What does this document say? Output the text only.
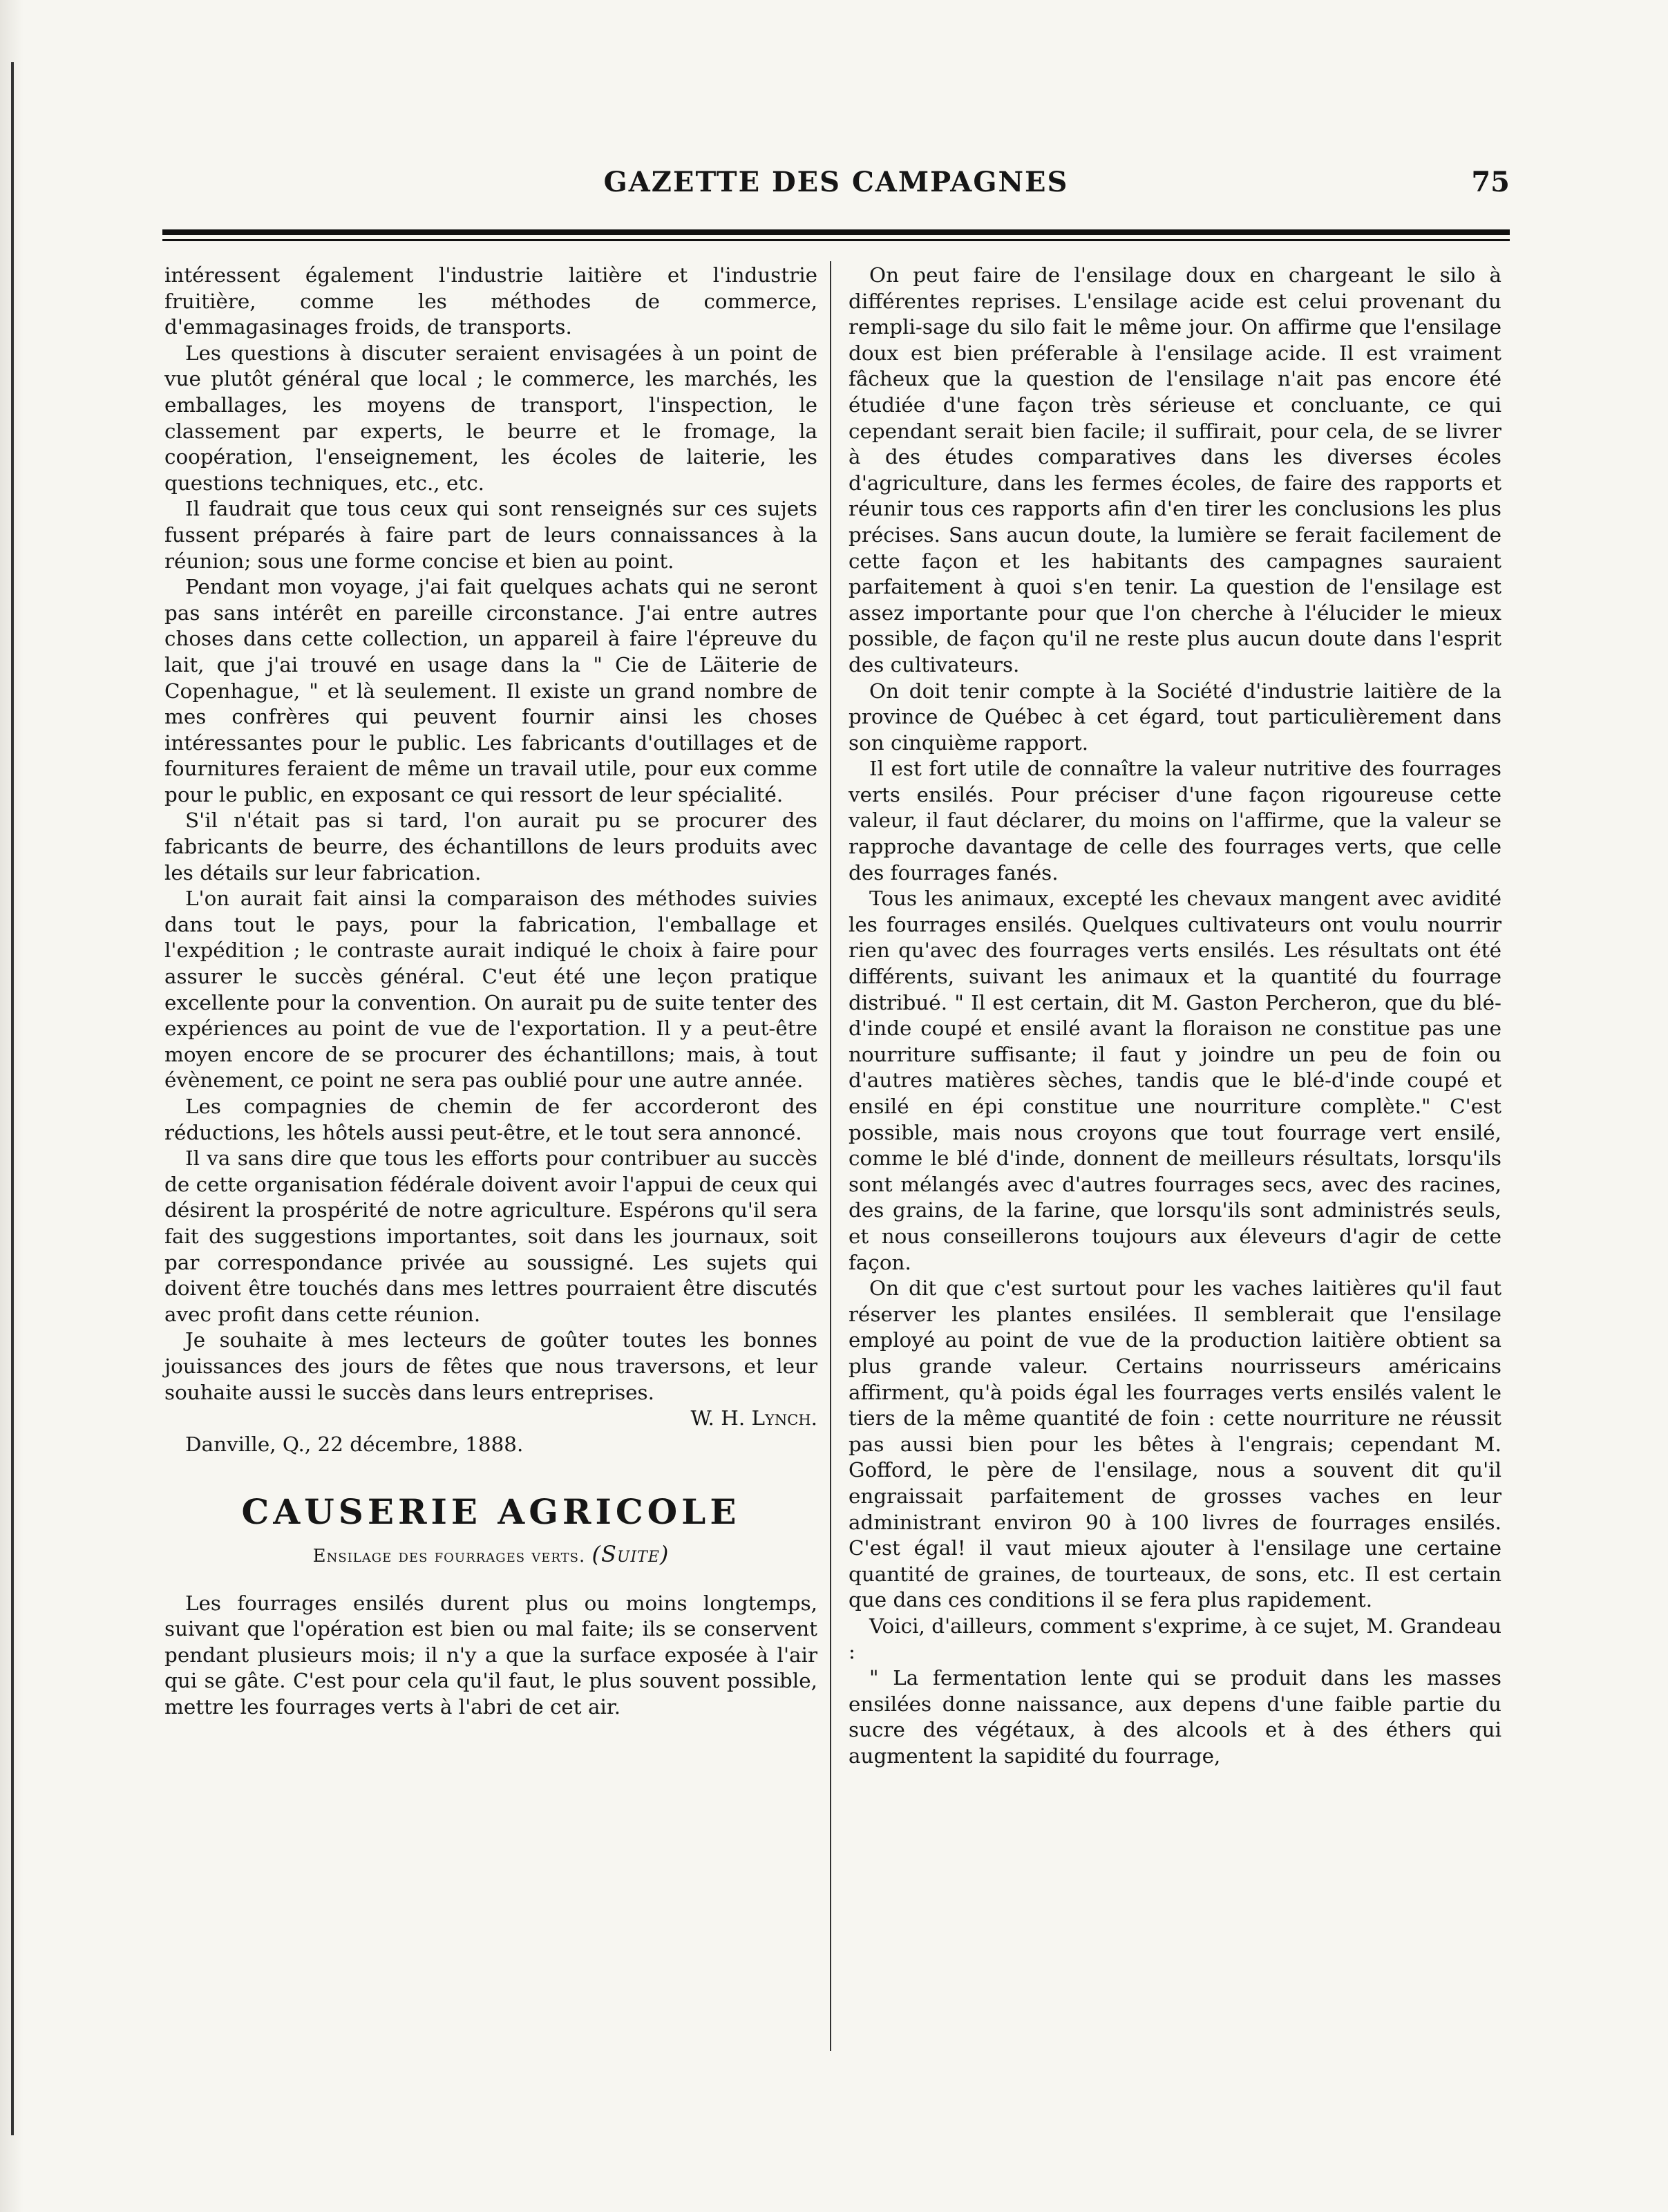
GAZETTE DES CAMPAGNES	75

intéressent également l'industrie laitière et l'industrie fruitière, comme les méthodes de commerce, d'emmagasinages froids, de transports.

Les questions à discuter seraient envisagées à un point de vue plutôt général que local ; le commerce, les marchés, les emballages, les moyens de transport, l'inspection, le classement par experts, le beurre et le fromage, la coopération, l'enseignement, les écoles de laiterie, les questions techniques, etc., etc.

Il faudrait que tous ceux qui sont renseignés sur ces sujets fussent préparés à faire part de leurs connaissances à la réunion; sous une forme concise et bien au point.

Pendant mon voyage, j'ai fait quelques achats qui ne seront pas sans intérêt en pareille circonstance. J'ai entre autres choses dans cette collection, un appareil à faire l'épreuve du lait, que j'ai trouvé en usage dans la " Cie de Läiterie de Copenhague, " et là seulement. Il existe un grand nombre de mes confrères qui peuvent fournir ainsi les choses intéressantes pour le public. Les fabricants d'outillages et de fournitures feraient de même un travail utile, pour eux comme pour le public, en exposant ce qui ressort de leur spécialité.

S'il n'était pas si tard, l'on aurait pu se procurer des fabricants de beurre, des échantillons de leurs produits avec les détails sur leur fabrication.

L'on aurait fait ainsi la comparaison des méthodes suivies dans tout le pays, pour la fabrication, l'emballage et l'expédition ; le contraste aurait indiqué le choix à faire pour assurer le succès général. C'eut été une leçon pratique excellente pour la convention. On aurait pu de suite tenter des expériences au point de vue de l'exportation. Il y a peut-être moyen encore de se procurer des échantillons; mais, à tout évènement, ce point ne sera pas oublié pour une autre année.

Les compagnies de chemin de fer accorderont des réductions, les hôtels aussi peut-être, et le tout sera annoncé.

Il va sans dire que tous les efforts pour contribuer au succès de cette organisation fédérale doivent avoir l'appui de ceux qui désirent la prospérité de notre agriculture. Espérons qu'il sera fait des suggestions importantes, soit dans les journaux, soit par correspondance privée au soussigné. Les sujets qui doivent être touchés dans mes lettres pourraient être discutés avec profit dans cette réunion.

Je souhaite à mes lecteurs de goûter toutes les bonnes jouissances des jours de fêtes que nous traversons, et leur souhaite aussi le succès dans leurs entreprises.

W. H. Lynch.

Danville, Q., 22 décembre, 1888.

CAUSERIE AGRICOLE
Ensilage des fourrages verts. (Suite)

Les fourrages ensilés durent plus ou moins longtemps, suivant que l'opération est bien ou mal faite; ils se conservent pendant plusieurs mois; il n'y a que la surface exposée à l'air qui se gâte. C'est pour cela qu'il faut, le plus souvent possible, mettre les fourrages verts à l'abri de cet air.

On peut faire de l'ensilage doux en chargeant le silo à différentes reprises. L'ensilage acide est celui provenant du rempli-sage du silo fait le même jour. On affirme que l'ensilage doux est bien préferable à l'ensilage acide. Il est vraiment fâcheux que la question de l'ensilage n'ait pas encore été étudiée d'une façon très sérieuse et concluante, ce qui cependant serait bien facile; il suffirait, pour cela, de se livrer à des études comparatives dans les diverses écoles d'agriculture, dans les fermes écoles, de faire des rapports et réunir tous ces rapports afin d'en tirer les conclusions les plus précises. Sans aucun doute, la lumière se ferait facilement de cette façon et les habitants des campagnes sauraient parfaitement à quoi s'en tenir. La question de l'ensilage est assez importante pour que l'on cherche à l'élucider le mieux possible, de façon qu'il ne reste plus aucun doute dans l'esprit des cultivateurs.

On doit tenir compte à la Société d'industrie laitière de la province de Québec à cet égard, tout particulièrement dans son cinquième rapport.

Il est fort utile de connaître la valeur nutritive des fourrages verts ensilés. Pour préciser d'une façon rigoureuse cette valeur, il faut déclarer, du moins on l'affirme, que la valeur se rapproche davantage de celle des fourrages verts, que celle des fourrages fanés.

Tous les animaux, excepté les chevaux mangent avec avidité les fourrages ensilés. Quelques cultivateurs ont voulu nourrir rien qu'avec des fourrages verts ensilés. Les résultats ont été différents, suivant les animaux et la quantité du fourrage distribué. " Il est certain, dit M. Gaston Percheron, que du blé-d'inde coupé et ensilé avant la floraison ne constitue pas une nourriture suffisante; il faut y joindre un peu de foin ou d'autres matières sèches, tandis que le blé-d'inde coupé et ensilé en épi constitue une nourriture complète." C'est possible, mais nous croyons que tout fourrage vert ensilé, comme le blé d'inde, donnent de meilleurs résultats, lorsqu'ils sont mélangés avec d'autres fourrages secs, avec des racines, des grains, de la farine, que lorsqu'ils sont administrés seuls, et nous conseillerons toujours aux éleveurs d'agir de cette façon.

On dit que c'est surtout pour les vaches laitières qu'il faut réserver les plantes ensilées. Il semblerait que l'ensilage employé au point de vue de la production laitière obtient sa plus grande valeur. Certains nourrisseurs américains affirment, qu'à poids égal les fourrages verts ensilés valent le tiers de la même quantité de foin : cette nourriture ne réussit pas aussi bien pour les bêtes à l'engrais; cependant M. Gofford, le père de l'ensilage, nous a souvent dit qu'il engraissait parfaitement de grosses vaches en leur administrant environ 90 à 100 livres de fourrages ensilés. C'est égal! il vaut mieux ajouter à l'ensilage une certaine quantité de graines, de tourteaux, de sons, etc. Il est certain que dans ces conditions il se fera plus rapidement.

Voici, d'ailleurs, comment s'exprime, à ce sujet, M. Grandeau :

" La fermentation lente qui se produit dans les masses ensilées donne naissance, aux depens d'une faible partie du sucre des végétaux, à des alcools et à des éthers qui augmentent la sapidité du fourrage,
